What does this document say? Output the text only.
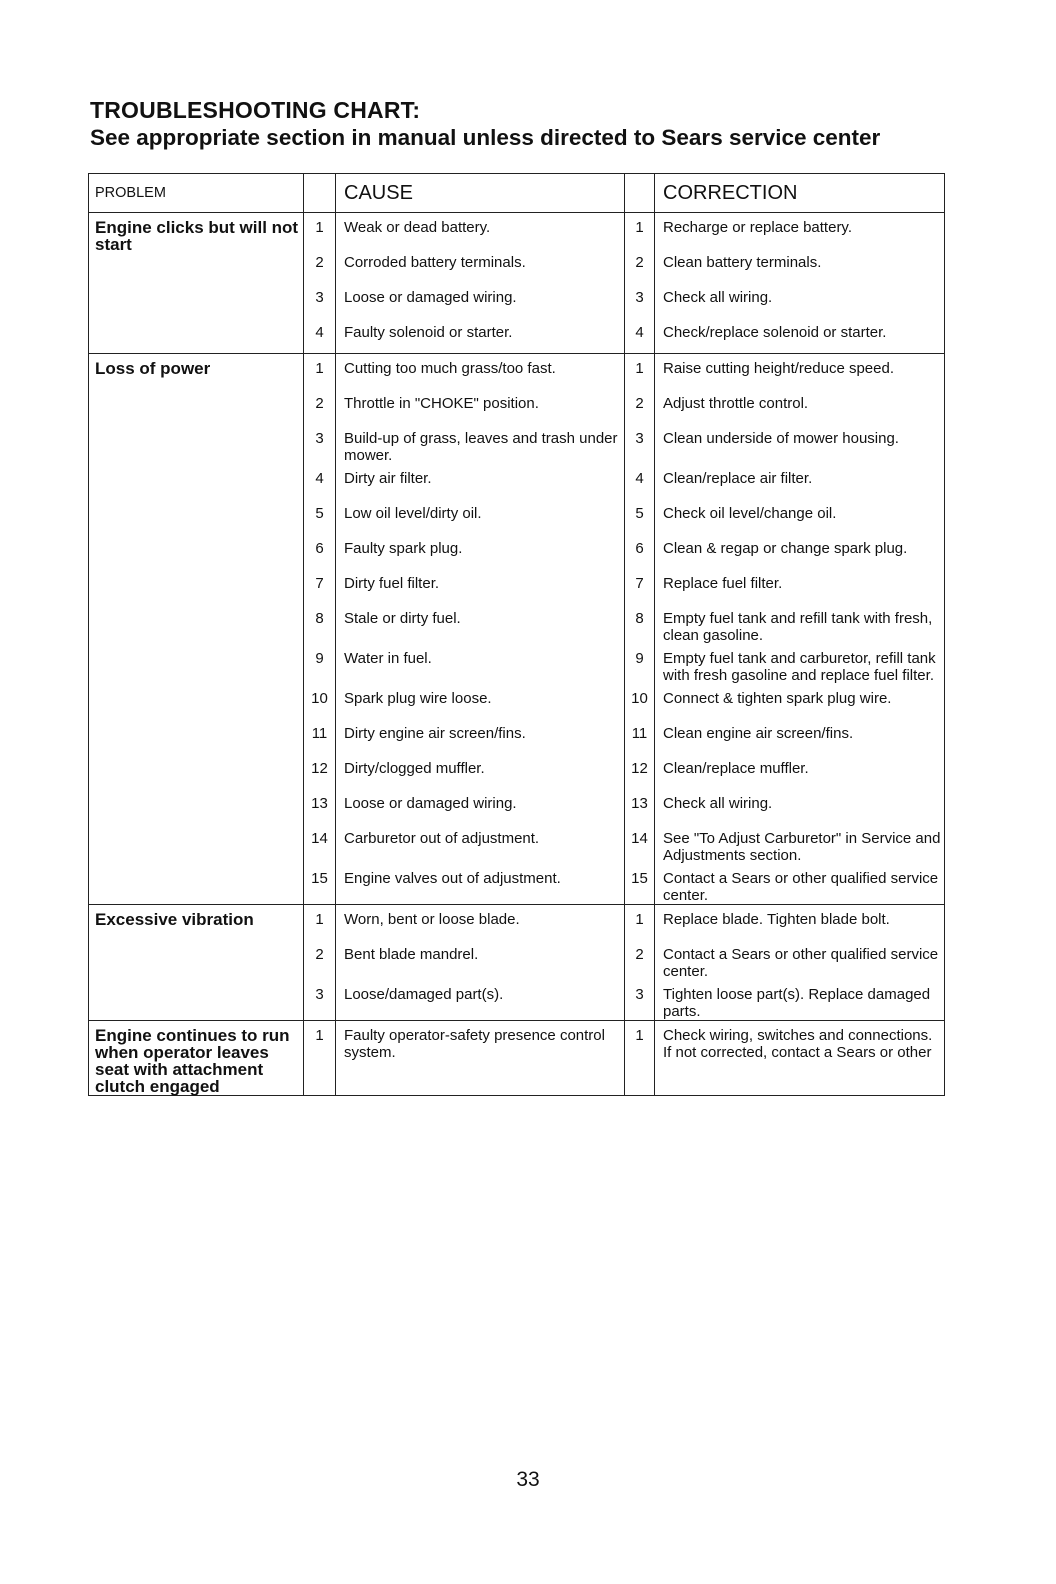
TROUBLESHOOTING CHART:

See appropriate section in manual unless directed to Sears service center

PROBLEM		CAUSE		CORRECTION
Engine clicks but will not start	1	Weak or dead battery.	1	Recharge or replace battery.
	2	Corroded battery terminals.	2	Clean battery terminals.
	3	Loose or damaged wiring.	3	Check all wiring.
	4	Faulty solenoid or starter.	4	Check/replace solenoid or starter.
Loss of power	1	Cutting too much grass/too fast.	1	Raise cutting height/reduce speed.
	2	Throttle in "CHOKE" position.	2	Adjust throttle control.
	3	Build-up of grass, leaves and trash under mower.	3	Clean underside of mower housing.
	4	Dirty air filter.	4	Clean/replace air filter.
	5	Low oil level/dirty oil.	5	Check oil level/change oil.
	6	Faulty spark plug.	6	Clean & regap or change spark plug.
	7	Dirty fuel filter.	7	Replace fuel filter.
	8	Stale or dirty fuel.	8	Empty fuel tank and refill tank with fresh, clean gasoline.
	9	Water in fuel.	9	Empty fuel tank and carburetor, refill tank with fresh gasoline and replace fuel filter.
	10	Spark plug wire loose.	10	Connect & tighten spark plug wire.
	11	Dirty engine air screen/fins.	11	Clean engine air screen/fins.
	12	Dirty/clogged muffler.	12	Clean/replace muffler.
	13	Loose or damaged wiring.	13	Check all wiring.
	14	Carburetor out of adjustment.	14	See "To Adjust Carburetor" in Service and Adjustments section.
	15	Engine valves out of adjustment.	15	Contact a Sears or other qualified service center.
Excessive vibration	1	Worn, bent or loose blade.	1	Replace blade. Tighten blade bolt.
	2	Bent blade mandrel.	2	Contact a Sears or other qualified service center.
	3	Loose/damaged part(s).	3	Tighten loose part(s). Replace damaged parts.
Engine continues to run when operator leaves seat with attachment clutch engaged	1	Faulty operator-safety presence control system.	1	Check wiring, switches and connections. If not corrected, contact a Sears or other
33
